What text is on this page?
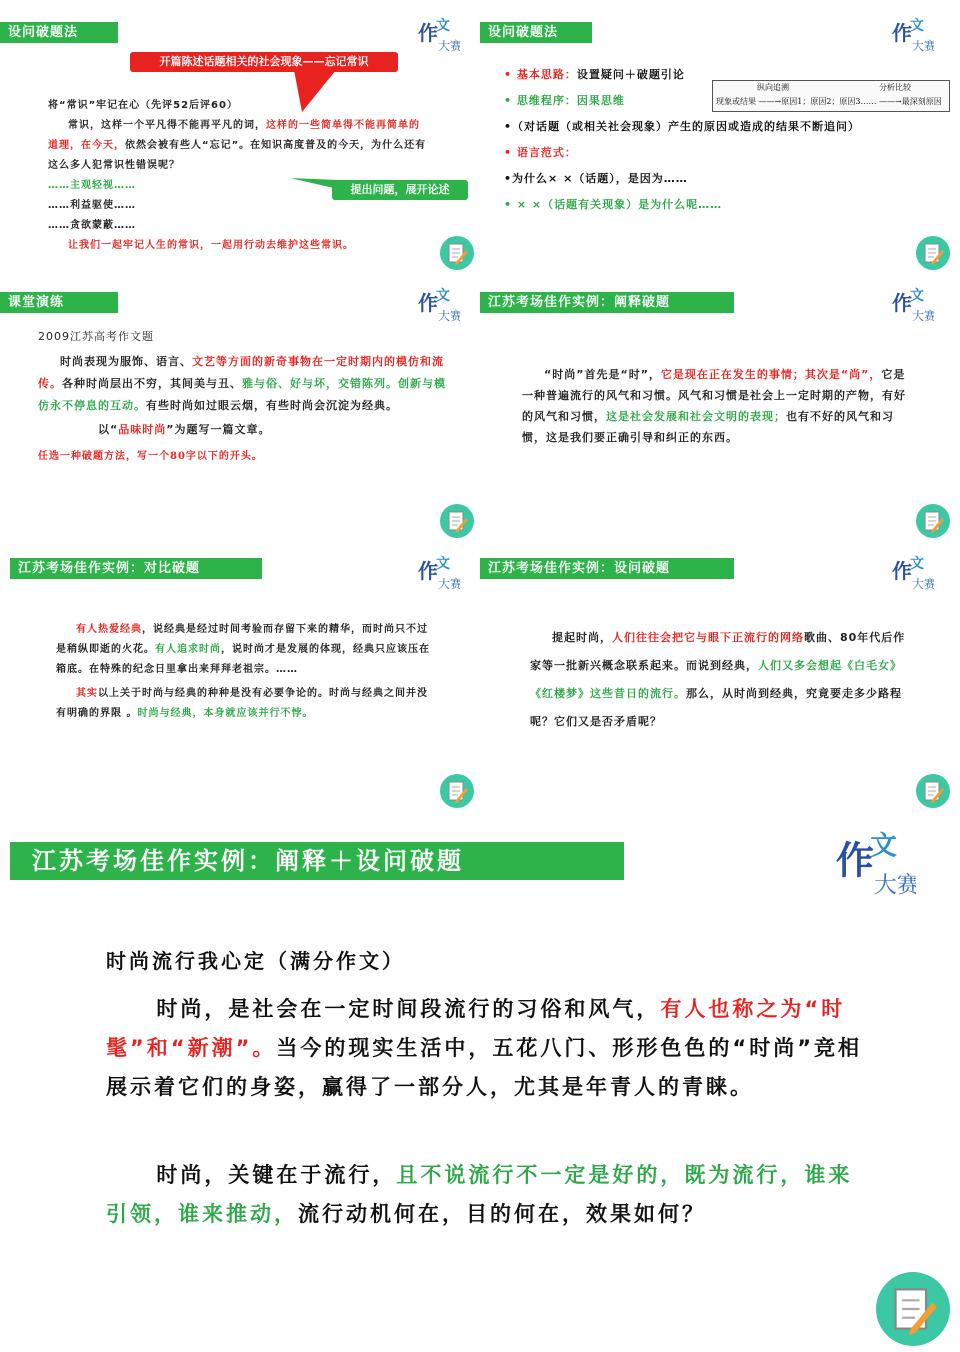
设问破题法	作
文
大赛
开篇陈述话题相关的社会现象——忘记常识

将“常识”牢记在心（先评52后评60）

常识，这样一个平凡得不能再平凡的词，这样的一些简单得不能再简单的道理，在今天，依然会被有些人“忘记”。在知识高度普及的今天，为什么还有这么多人犯常识性错误呢？

……主观轻视……

……利益驱使……

……贪欲蒙蔽……

让我们一起牢记人生的常识，一起用行动去维护这些常识。

提出问题，展开论述
设问破题法	作
文
大赛
• 基本思路：设置疑问＋破题引论
• 思维程序：因果思维
•（对话题（或相关社会现象）产生的原因或造成的结果不断追问）
• 语言范式：
•为什么× ×（话题），是因为……
• × ×（话题有关现象）是为什么呢……
纵向追溯	分析比较
现象或结果 ——→原因1；原因2；原因3…… ——→最深刻原因
课堂演练	作
文
大赛

2009江苏高考作文题

时尚表现为服饰、语言、文艺等方面的新奇事物在一定时期内的模仿和流传。各种时尚层出不穷，其间美与丑、雅与俗、好与坏，交错陈列。创新与模仿永不停息的互动。有些时尚如过眼云烟，有些时尚会沉淀为经典。

以“品味时尚”为题写一篇文章。

任选一种破题方法，写一个80字以下的开头。

江苏考场佳作实例：阐释破题	作
文
大赛

“时尚”首先是“时”，它是现在正在发生的事情；其次是“尚”，它是一种普遍流行的风气和习惯。风气和习惯是社会上一定时期的产物，有好的风气和习惯，这是社会发展和社会文明的表现；也有不好的风气和习惯，这是我们要正确引导和纠正的东西。

江苏考场佳作实例：对比破题	作
文
大赛

有人热爱经典，说经典是经过时间考验而存留下来的精华，而时尚只不过是稍纵即逝的火花。有人追求时尚，说时尚才是发展的体现，经典只应该压在箱底。在特殊的纪念日里拿出来拜拜老祖宗。……

其实以上关于时尚与经典的种种是没有必要争论的。时尚与经典之间并没有明确的界限 。时尚与经典，本身就应该并行不悖。

江苏考场佳作实例：设问破题	作
文
大赛

提起时尚，人们往往会把它与眼下正流行的网络歌曲、80年代后作家等一批新兴概念联系起来。而说到经典，人们又多会想起《白毛女》《红楼梦》这些昔日的流行。那么，从时尚到经典，究竟要走多少路程呢？它们又是否矛盾呢？

江苏考场佳作实例：阐释＋设问破题	作
文
大赛
时尚流行我心定（满分作文）
时尚，是社会在一定时间段流行的习俗和风气，有人也称之为“时髦”和“新潮”。当今的现实生活中，五花八门、形形色色的“时尚”竞相展示着它们的身姿，赢得了一部分人，尤其是年青人的青睐。
时尚，关键在于流行，且不说流行不一定是好的，既为流行，谁来引领，谁来推动，流行动机何在，目的何在，效果如何？
